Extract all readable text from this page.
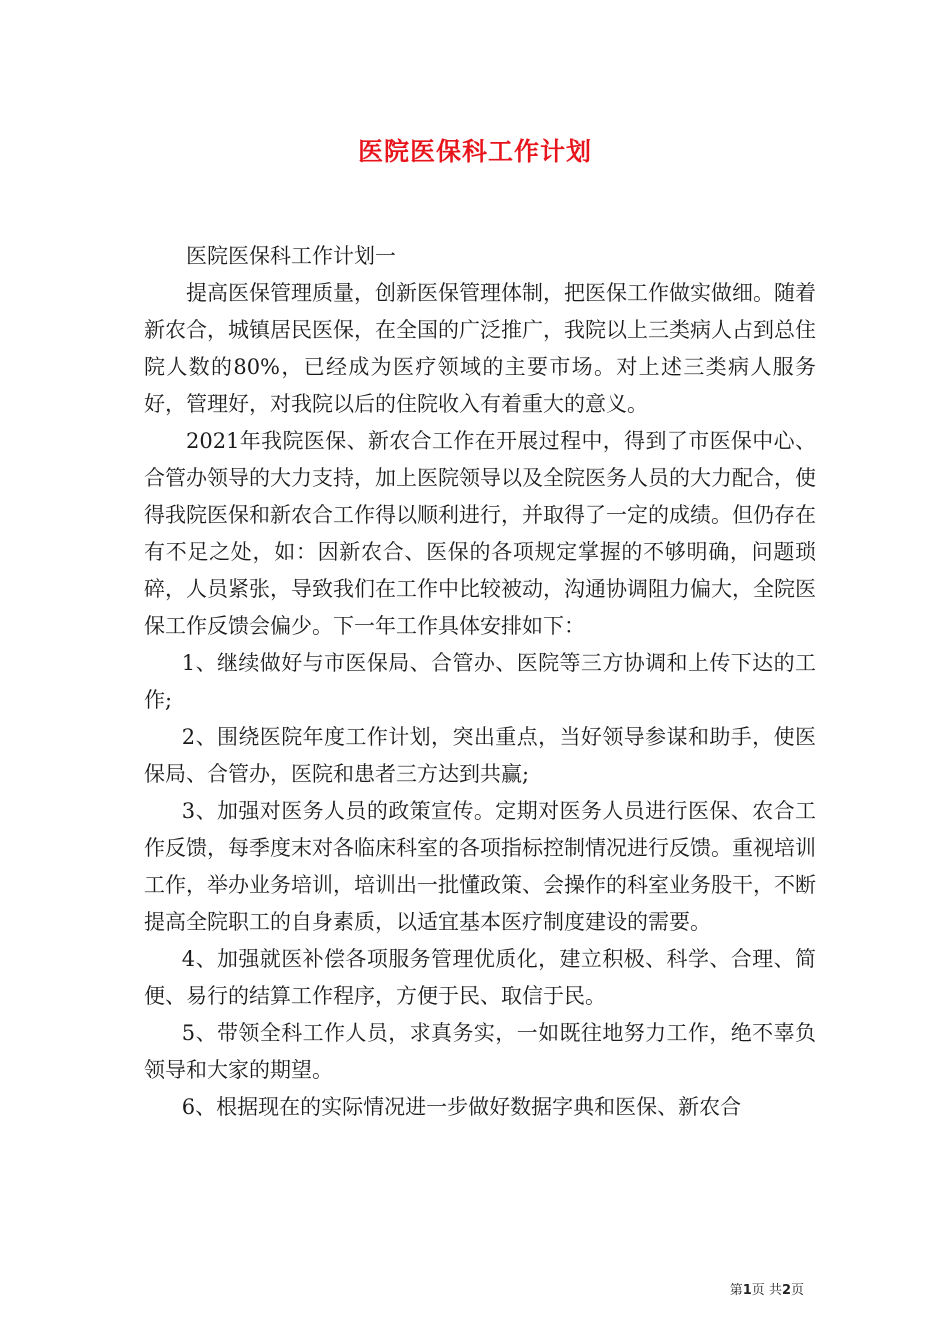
医院医保科工作计划

医院医保科工作计划一

提高医保管理质量，创新医保管理体制，把医保工作做实做细。随着新农合，城镇居民医保，在全国的广泛推广，我院以上三类病人占到总住院人数的80%，已经成为医疗领域的主要市场。对上述三类病人服务好，管理好，对我院以后的住院收入有着重大的意义。

2021年我院医保、新农合工作在开展过程中，得到了市医保中心、合管办领导的大力支持，加上医院领导以及全院医务人员的大力配合，使得我院医保和新农合工作得以顺利进行，并取得了一定的成绩。但仍存在有不足之处，如：因新农合、医保的各项规定掌握的不够明确，问题琐碎，人员紧张，导致我们在工作中比较被动，沟通协调阻力偏大，全院医保工作反馈会偏少。下一年工作具体安排如下：

1、继续做好与市医保局、合管办、医院等三方协调和上传下达的工作;

2、围绕医院年度工作计划，突出重点，当好领导参谋和助手，使医保局、合管办，医院和患者三方达到共赢;

3、加强对医务人员的政策宣传。定期对医务人员进行医保、农合工作反馈，每季度末对各临床科室的各项指标控制情况进行反馈。重视培训工作，举办业务培训，培训出一批懂政策、会操作的科室业务股干，不断提高全院职工的自身素质，以适宜基本医疗制度建设的需要。

4、加强就医补偿各项服务管理优质化，建立积极、科学、合理、简便、易行的结算工作程序，方便于民、取信于民。

5、带领全科工作人员，求真务实，一如既往地努力工作，绝不辜负领导和大家的期望。

6、根据现在的实际情况进一步做好数据字典和医保、新农合

第1页 共2页
